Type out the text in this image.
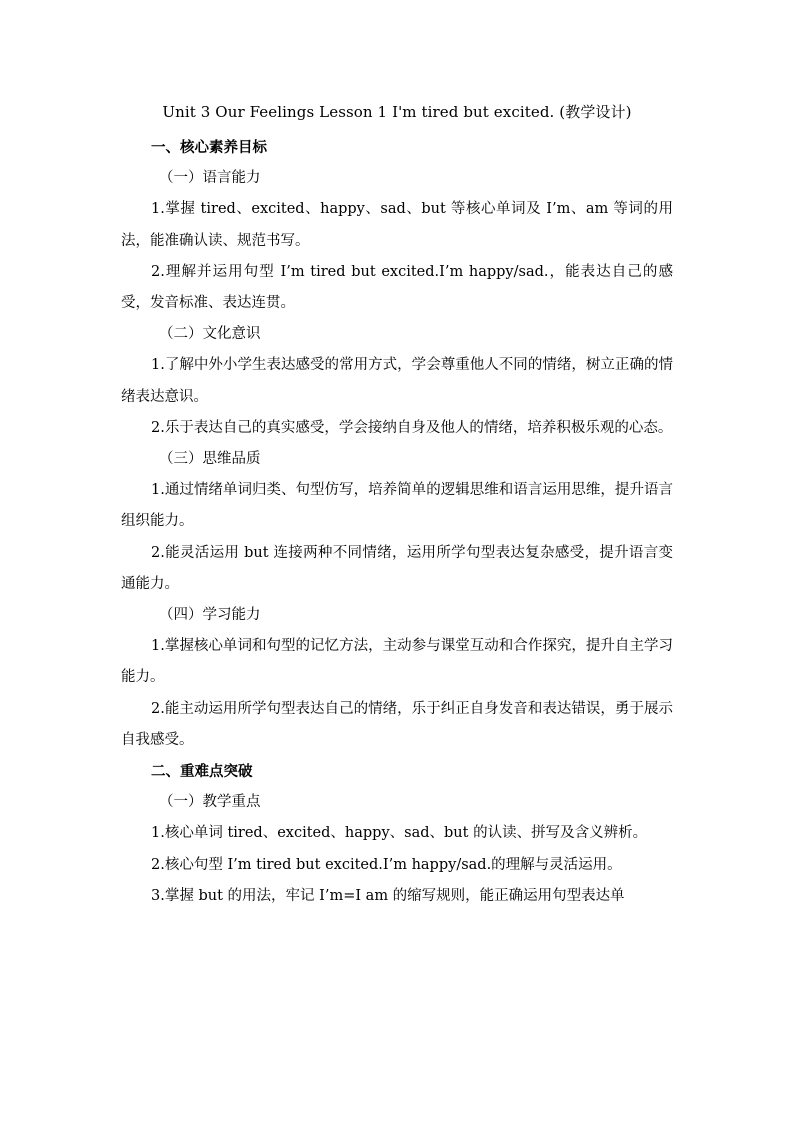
Unit 3 Our Feelings Lesson 1 I'm tired but excited. (教学设计)
一、核心素养目标
（一）语言能力
1.掌握 tired、excited、happy、sad、but 等核心单词及 I’m、am 等词的用法，能准确认读、规范书写。
2.理解并运用句型 I’m tired but excited.I’m happy/sad.，能表达自己的感受，发音标准、表达连贯。
（二）文化意识
1.了解中外小学生表达感受的常用方式，学会尊重他人不同的情绪，树立正确的情绪表达意识。
2.乐于表达自己的真实感受，学会接纳自身及他人的情绪，培养积极乐观的心态。
（三）思维品质
1.通过情绪单词归类、句型仿写，培养简单的逻辑思维和语言运用思维，提升语言组织能力。
2.能灵活运用 but 连接两种不同情绪，运用所学句型表达复杂感受，提升语言变通能力。
（四）学习能力
1.掌握核心单词和句型的记忆方法，主动参与课堂互动和合作探究，提升自主学习能力。
2.能主动运用所学句型表达自己的情绪，乐于纠正自身发音和表达错误，勇于展示自我感受。
二、重难点突破
（一）教学重点
1.核心单词 tired、excited、happy、sad、but 的认读、拼写及含义辨析。
2.核心句型 I’m tired but excited.I’m happy/sad.的理解与灵活运用。
3.掌握 but 的用法，牢记 I’m=I am 的缩写规则，能正确运用句型表达单
